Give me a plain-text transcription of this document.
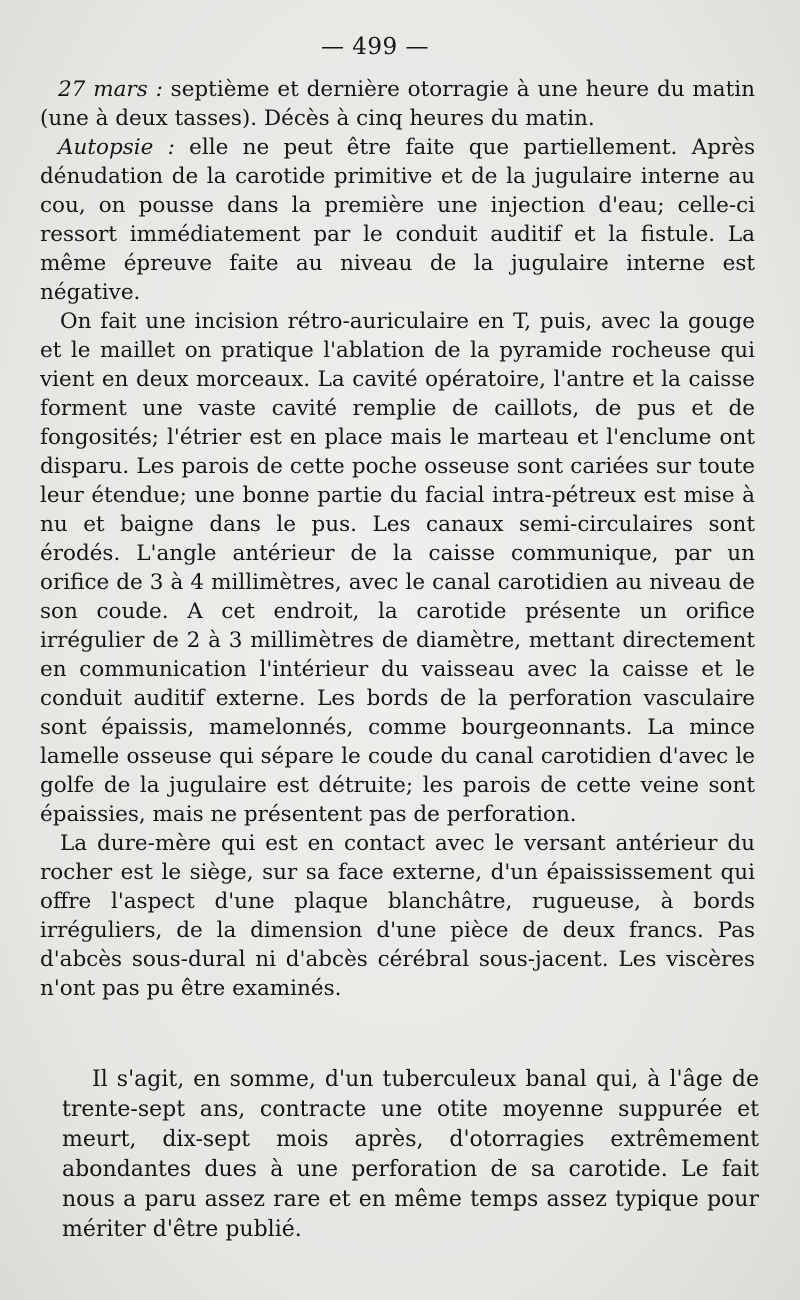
— 499 —

27 mars : septième et dernière otorragie à une heure du matin (une à deux tasses). Décès à cinq heures du matin.

Autopsie : elle ne peut être faite que partiellement. Après dénudation de la carotide primitive et de la jugulaire interne au cou, on pousse dans la première une injection d'eau; celle-ci ressort immédiatement par le conduit auditif et la fistule. La même épreuve faite au niveau de la jugulaire interne est négative.

On fait une incision rétro-auriculaire en T, puis, avec la gouge et le maillet on pratique l'ablation de la pyramide rocheuse qui vient en deux morceaux. La cavité opératoire, l'antre et la caisse forment une vaste cavité remplie de caillots, de pus et de fongosités; l'étrier est en place mais le marteau et l'enclume ont disparu. Les parois de cette poche osseuse sont cariées sur toute leur étendue; une bonne partie du facial intra-pétreux est mise à nu et baigne dans le pus. Les canaux semi-circulaires sont érodés. L'angle antérieur de la caisse communique, par un orifice de 3 à 4 millimètres, avec le canal carotidien au niveau de son coude. A cet endroit, la carotide présente un orifice irrégulier de 2 à 3 millimètres de diamètre, mettant directement en communication l'intérieur du vaisseau avec la caisse et le conduit auditif externe. Les bords de la perforation vasculaire sont épaissis, mamelonnés, comme bourgeonnants. La mince lamelle osseuse qui sépare le coude du canal carotidien d'avec le golfe de la jugulaire est détruite; les parois de cette veine sont épaissies, mais ne présentent pas de perforation.

La dure-mère qui est en contact avec le versant antérieur du rocher est le siège, sur sa face externe, d'un épaississement qui offre l'aspect d'une plaque blanchâtre, rugueuse, à bords irréguliers, de la dimension d'une pièce de deux francs. Pas d'abcès sous-dural ni d'abcès cérébral sous-jacent. Les viscères n'ont pas pu être examinés.

Il s'agit, en somme, d'un tuberculeux banal qui, à l'âge de trente-sept ans, contracte une otite moyenne suppurée et meurt, dix-sept mois après, d'otorragies extrêmement abondantes dues à une perforation de sa carotide. Le fait nous a paru assez rare et en même temps assez typique pour mériter d'être publié.
